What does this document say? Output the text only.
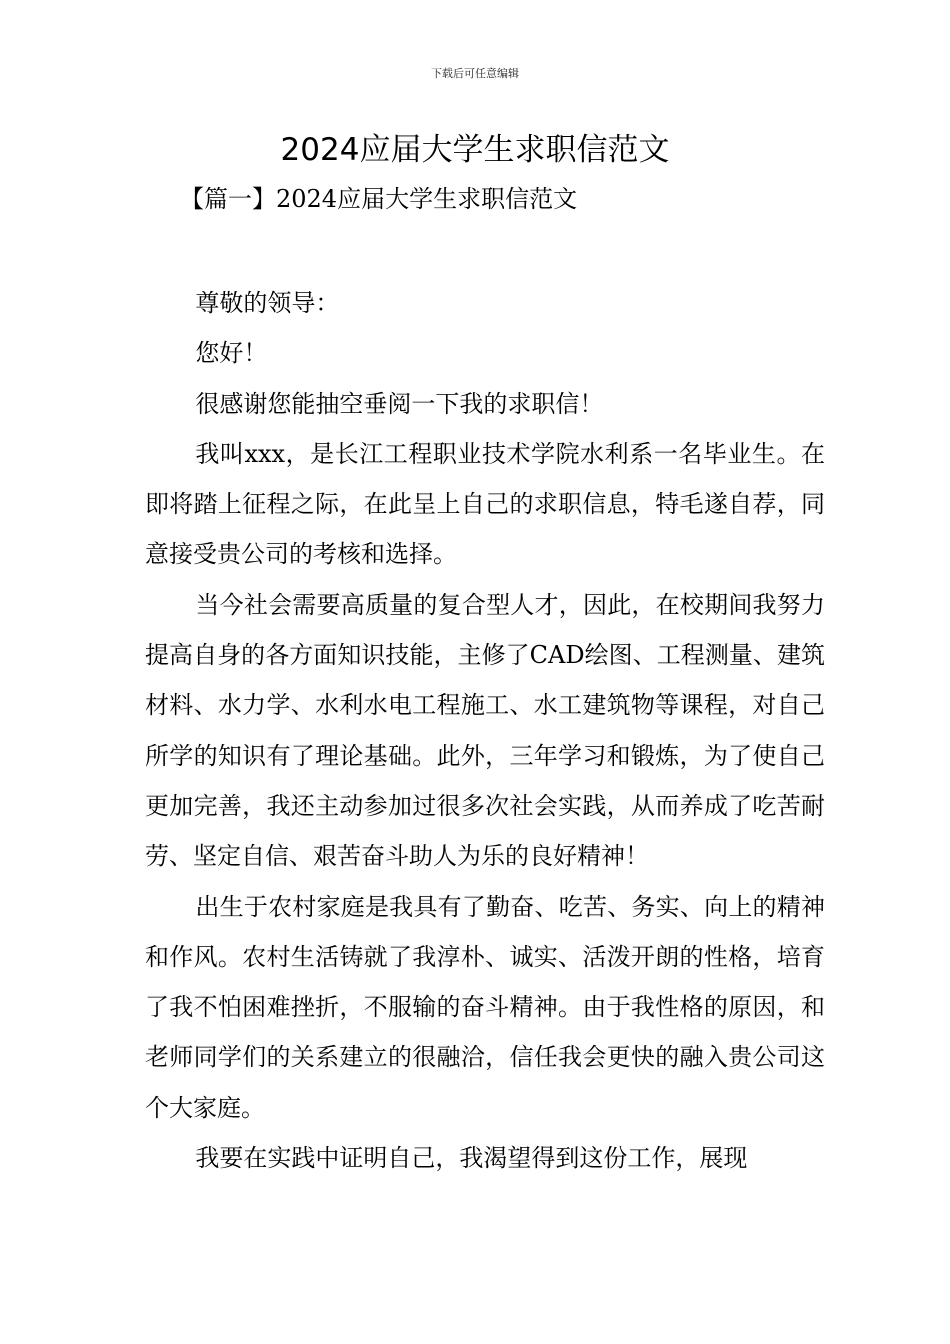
下载后可任意编辑
2024应届大学生求职信范文
【篇一】2024应届大学生求职信范文

尊敬的领导：

您好！

很感谢您能抽空垂阅一下我的求职信！

我叫xxx，是长江工程职业技术学院水利系一名毕业生。在即将踏上征程之际，在此呈上自己的求职信息，特毛遂自荐，同意接受贵公司的考核和选择。

当今社会需要高质量的复合型人才，因此，在校期间我努力提高自身的各方面知识技能，主修了CAD绘图、工程测量、建筑材料、水力学、水利水电工程施工、水工建筑物等课程，对自己所学的知识有了理论基础。此外，三年学习和锻炼，为了使自己更加完善，我还主动参加过很多次社会实践，从而养成了吃苦耐劳、坚定自信、艰苦奋斗助人为乐的良好精神！

出生于农村家庭是我具有了勤奋、吃苦、务实、向上的精神和作风。农村生活铸就了我淳朴、诚实、活泼开朗的性格，培育了我不怕困难挫折，不服输的奋斗精神。由于我性格的原因，和老师同学们的关系建立的很融洽，信任我会更快的融入贵公司这个大家庭。

我要在实践中证明自己，我渴望得到这份工作，展现
